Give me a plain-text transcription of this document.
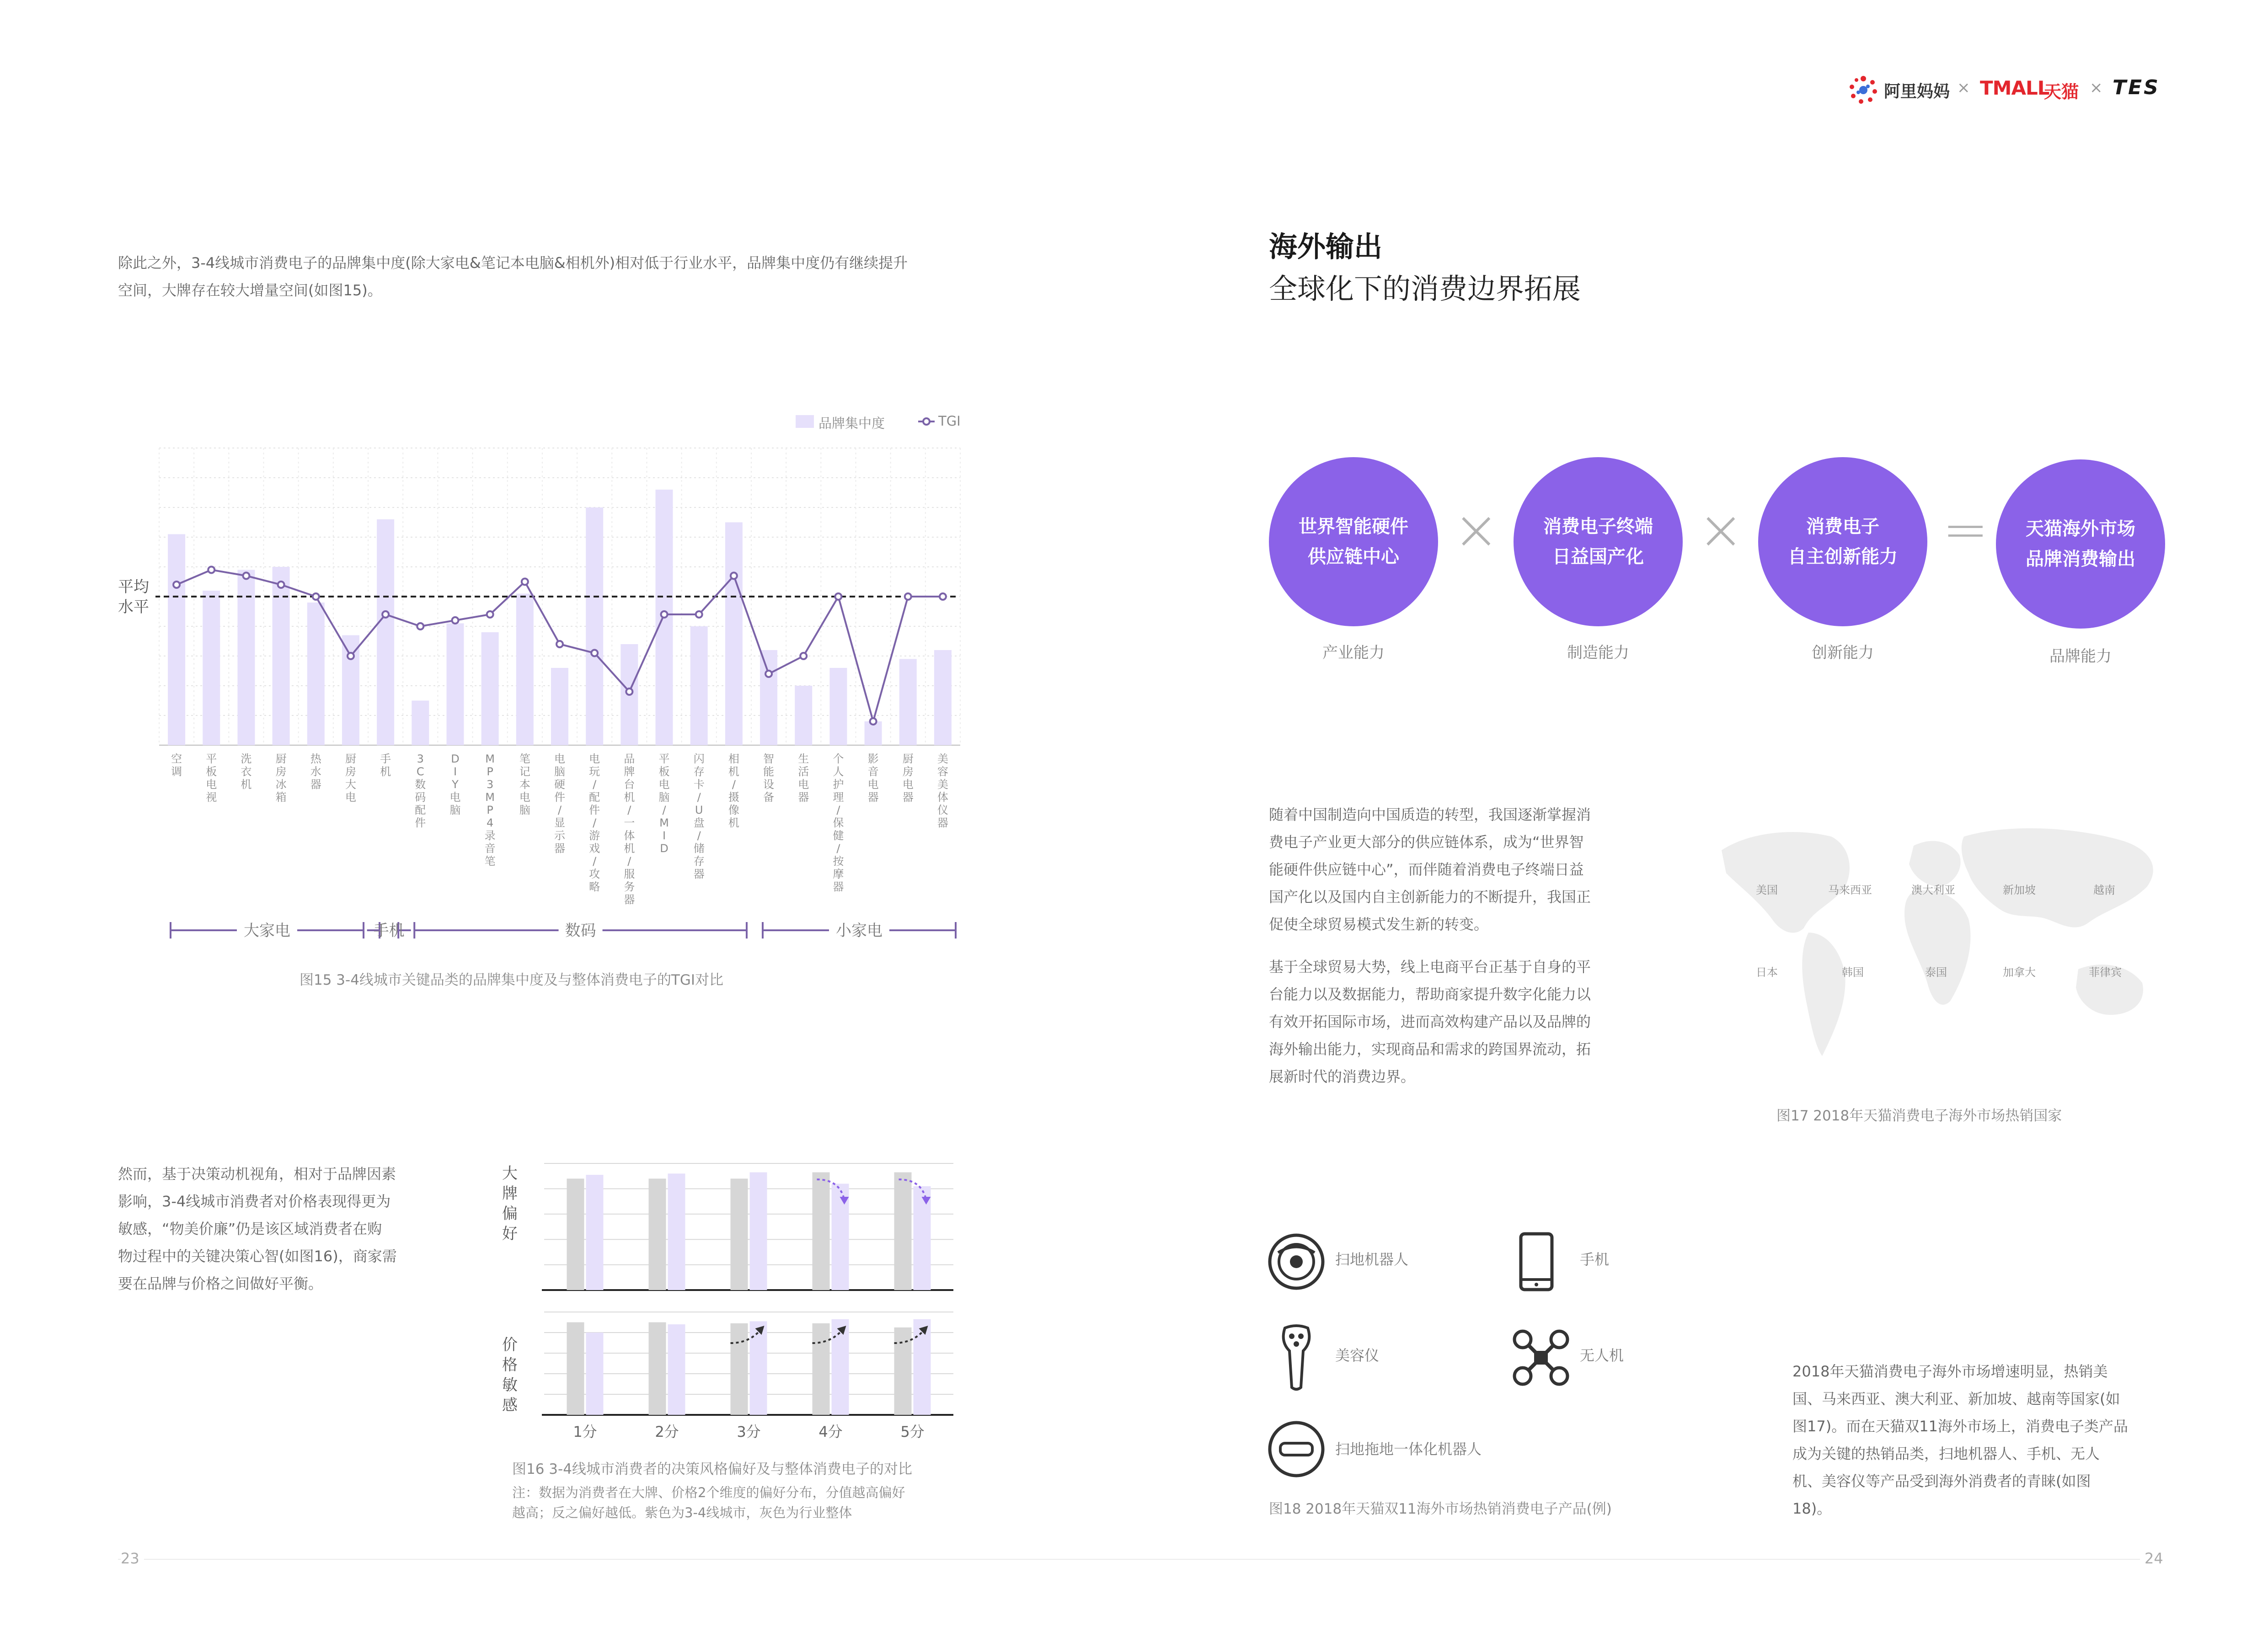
阿里妈妈 × TMALL
天猫 × TES
除此之外，3-4线城市消费电子的品牌集中度(除大家电&笔记本电脑&相机外)相对低于行业水平，品牌集中度仍有继续提升
空间，大牌存在较大增量空间(如图15)。
品牌集中度	TGI
平均
水平
空
调
平
板
电
视
洗
衣
机
厨
房
冰
箱
热
水
器
厨
房
大
电
手
机
3
C
数
码
配
件
D
I
Y
电
脑
M
P
3
M
P
4
录
音
笔
笔
记
本
电
脑
电
脑
硬
件
/
显
示
器
电
玩
/
配
件
/
游
戏
/
攻
略
品
牌
台
机
/
一
体
机
/
服
务
器
平
板
电
脑
/
M
I
D
闪
存
卡
/
U
盘
/
储
存
器
相
机
/
摄
像
机
智
能
设
备
生
活
电
器
个
人
护
理
/
保
健
/
按
摩
器
影
音
电
器
厨
房
电
器
美
容
美
体
仪
器
大家电	手机	数码	小家电
图15 3-4线城市关键品类的品牌集中度及与整体消费电子的TGI对比
然而，基于决策动机视角，相对于品牌因素
影响，3-4线城市消费者对价格表现得更为
敏感，“物美价廉”仍是该区域消费者在购
物过程中的关键决策心智(如图16)，商家需
要在品牌与价格之间做好平衡。
大
牌
偏
好
价
格
敏
感
1分	2分	3分	4分	5分
图16 3-4线城市消费者的决策风格偏好及与整体消费电子的对比
注：数据为消费者在大牌、价格2个维度的偏好分布，分值越高偏好
越高；反之偏好越低。紫色为3-4线城市，灰色为行业整体
23	24
海外输出
全球化下的消费边界拓展
世界智能硬件
供应链中心 ×	消费电子终端
日益国产化 ×	消费电子
自主创新能力 =	天猫海外市场
品牌消费输出
产业能力	制造能力	创新能力	品牌能力
随着中国制造向中国质造的转型，我国逐渐掌握消
费电子产业更大部分的供应链体系，成为“世界智
能硬件供应链中心”，而伴随着消费电子终端日益
国产化以及国内自主创新能力的不断提升，我国正
促使全球贸易模式发生新的转变。
基于全球贸易大势，线上电商平台正基于自身的平
台能力以及数据能力，帮助商家提升数字化能力以
有效开拓国际市场，进而高效构建产品以及品牌的
海外输出能力，实现商品和需求的跨国界流动，拓
展新时代的消费边界。
美国	马来西亚	澳大利亚	新加坡	越南
日本	韩国	泰国	加拿大	菲律宾
图17 2018年天猫消费电子海外市场热销国家
扫地机器人	手机
美容仪	无人机
扫地拖地一体化机器人
图18 2018年天猫双11海外市场热销消费电子产品(例)
2018年天猫消费电子海外市场增速明显，热销美
国、马来西亚、澳大利亚、新加坡、越南等国家(如
图17)。而在天猫双11海外市场上，消费电子类产品
成为关键的热销品类，扫地机器人、手机、无人
机、美容仪等产品受到海外消费者的青睐(如图
18)。
